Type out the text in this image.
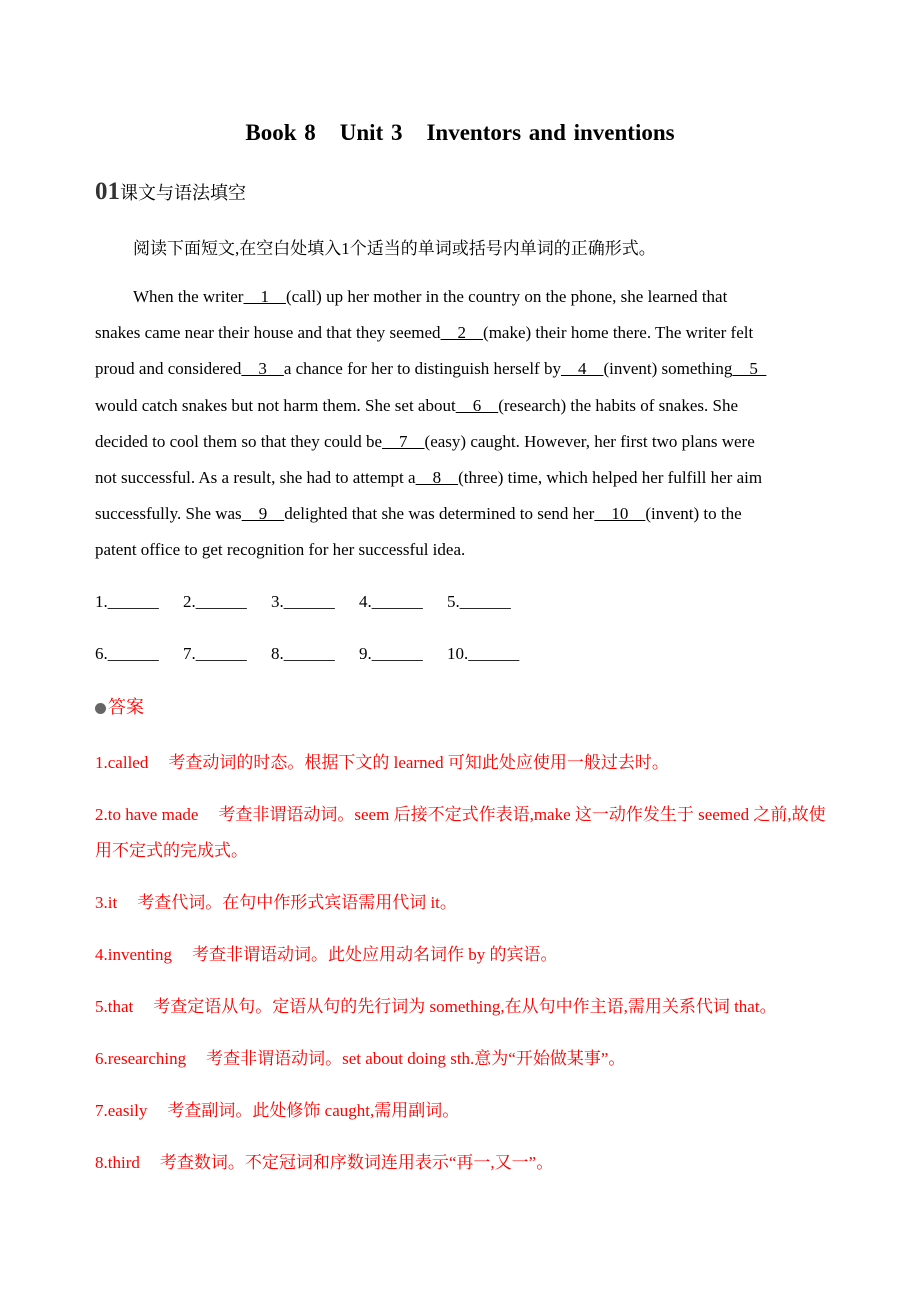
Book 8 Unit 3 Inventors and inventions
01课文与语法填空
阅读下面短文,在空白处填入1个适当的单词或括号内单词的正确形式。
When the writer    1    (call) up her mother in the country on the phone, she learned that
snakes came near their house and that they seemed    2    (make) their home there. The writer felt
proud and considered    3    a chance for her to distinguish herself by    4    (invent) something    5
would catch snakes but not harm them. She set about    6    (research) the habits of snakes. She
decided to cool them so that they could be    7    (easy) caught. However, her first two plans were
not successful. As a result, she had to attempt a    8    (three) time, which helped her fulfill her aim
successfully. She was    9    delighted that she was determined to send her    10    (invent) to the
patent office to get recognition for her successful idea.
1.______ 2.______ 3.______ 4.______ 5.______
6.______ 7.______ 8.______ 9.______ 10.______
答案
1.called 考查动词的时态。根据下文的 learned 可知此处应使用一般过去时。
2.to have made 考查非谓语动词。seem 后接不定式作表语,make 这一动作发生于 seemed 之前,故使用不定式的完成式。
3.it 考查代词。在句中作形式宾语需用代词 it。
4.inventing 考查非谓语动词。此处应用动名词作 by 的宾语。
5.that 考查定语从句。定语从句的先行词为 something,在从句中作主语,需用关系代词 that。
6.researching 考查非谓语动词。set about doing sth.意为“开始做某事”。
7.easily 考查副词。此处修饰 caught,需用副词。
8.third 考查数词。不定冠词和序数词连用表示“再一,又一”。
